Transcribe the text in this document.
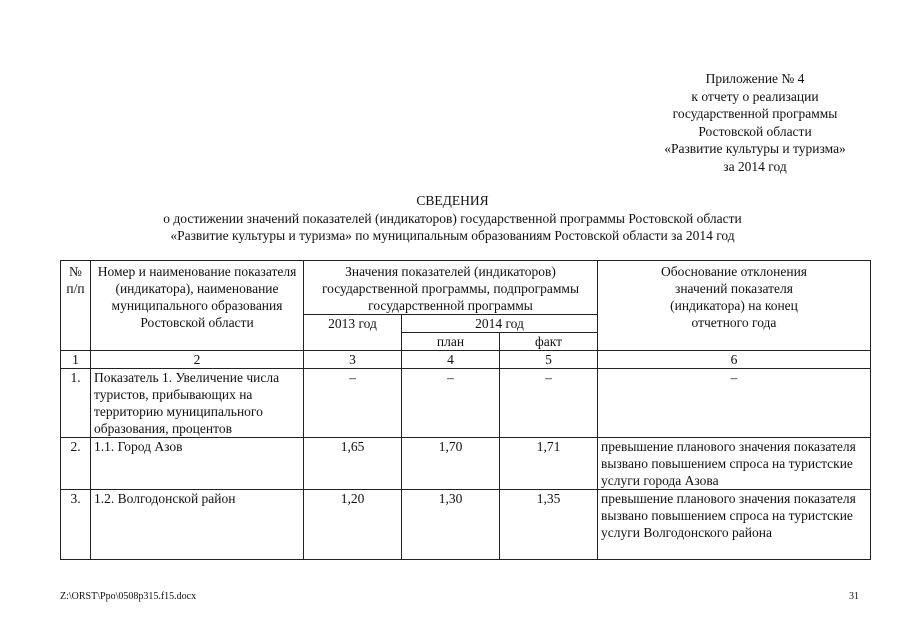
Приложение № 4
к отчету о реализации
государственной программы
Ростовской области
«Развитие культуры и туризма»
за 2014 год
СВЕДЕНИЯ
о достижении значений показателей (индикаторов) государственной программы Ростовской области
«Развитие культуры и туризма» по муниципальным образованиям Ростовской области за 2014 год
№ п/п	Номер и наименование показателя (индикатора), наименование муниципального образования Ростовской области	Значения показателей (индикаторов) государственной программы, подпрограммы государственной программы			Обоснование отклонения значений показателя (индикатора) на конец отчетного года
		2013 год	2014 год		
			план	факт	
1	2	3	4	5	6
1.	Показатель 1. Увеличение числа туристов, прибывающих на территорию муниципального образования, процентов	–	–	–	–
2.	1.1. Город Азов	1,65	1,70	1,71	превышение планового значения показателя вызвано повышением спроса на туристские услуги города Азова
3.	1.2. Волгодонской район	1,20	1,30	1,35	превышение планового значения показателя вызвано повышением спроса на туристские услуги Волгодонского района
Z:\ORST\Ppo\0508p315.f15.docx	31
